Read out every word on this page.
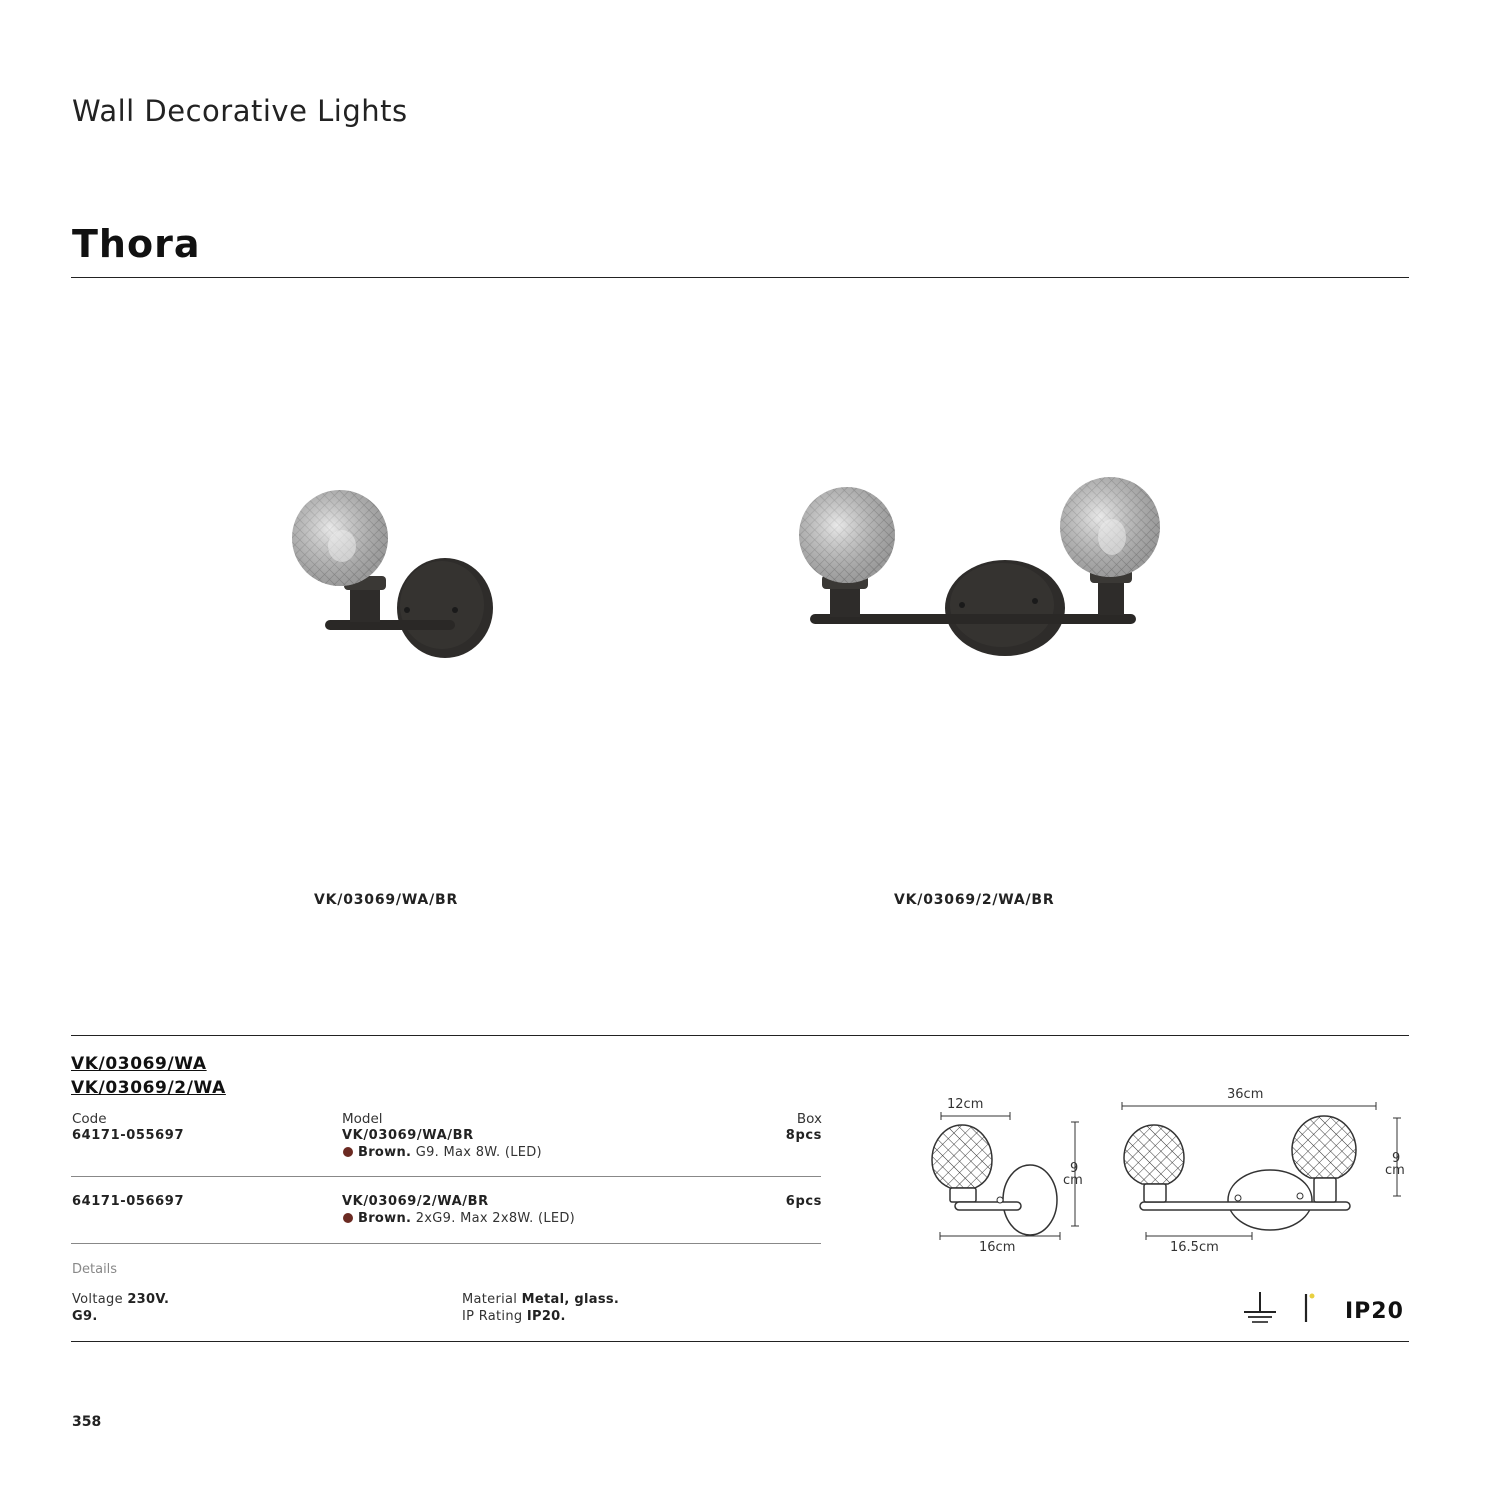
Wall Decorative Lights
Thora
VK/03069/WA/BR	VK/03069/2/WA/BR
VK/03069/WA
VK/03069/2/WA
Code	Model	Box
64171-055697	VK/03069/WA/BR	8pcs
Brown. G9. Max 8W. (LED)
64171-056697	VK/03069/2/WA/BR	6pcs
Brown. 2xG9. Max 2x8W. (LED)
Details
Voltage 230V.
G9.
Material Metal, glass.
IP Rating IP20.
12cm
9
cm
16cm
36cm
9
cm
16.5cm
IP20
358
